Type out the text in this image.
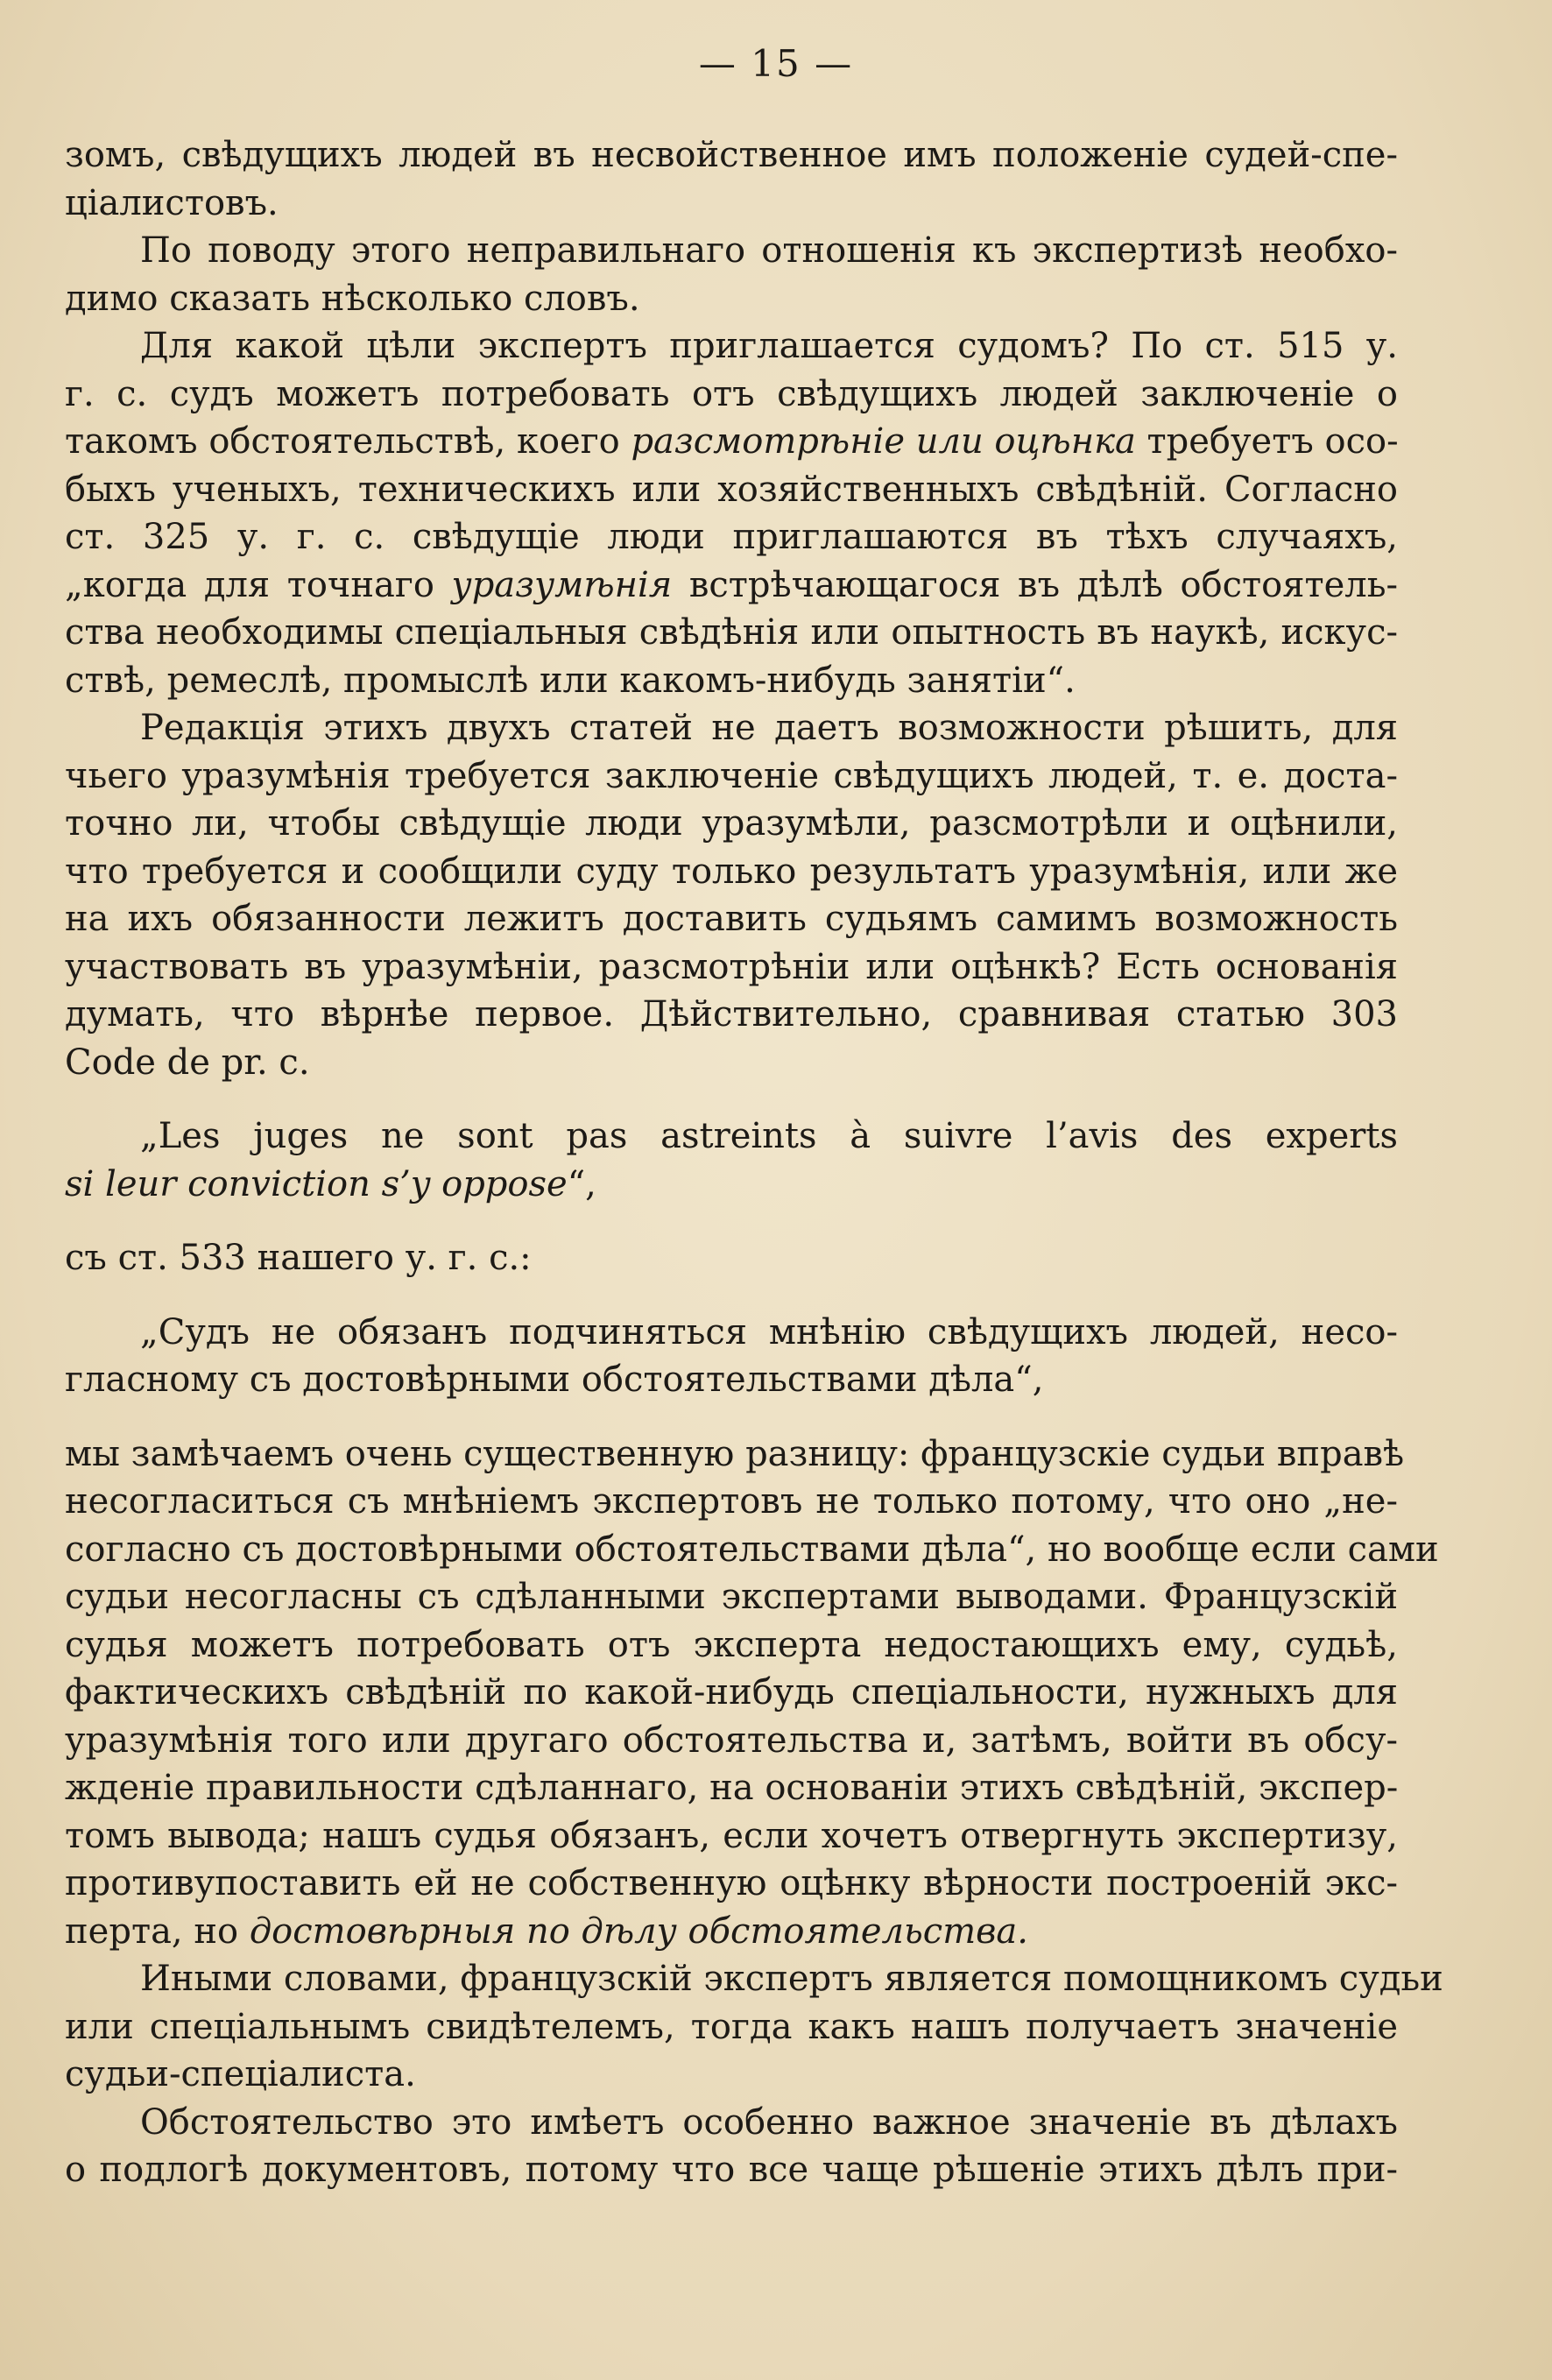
— 15 —
зомъ, свѣдущихъ людей въ несвойственное имъ положеніе судей-спе-
ціалистовъ.
По поводу этого неправильнаго отношенія къ экспертизѣ необхо-
димо сказать нѣсколько словъ.
Для какой цѣли экспертъ приглашается судомъ? По ст. 515 у.
г. с. судъ можетъ потребовать отъ свѣдущихъ людей заключеніе о
такомъ обстоятельствѣ, коего разсмотрѣніе или оцѣнка требуетъ осо-
быхъ ученыхъ, техническихъ или хозяйственныхъ свѣдѣній. Согласно
ст. 325 у. г. с. свѣдущіе люди приглашаются въ тѣхъ случаяхъ,
„когда для точнаго уразумѣнія встрѣчающагося въ дѣлѣ обстоятель-
ства необходимы спеціальныя свѣдѣнія или опытность въ наукѣ, искус-
ствѣ, ремеслѣ, промыслѣ или какомъ-нибудь занятіи“.
Редакція этихъ двухъ статей не даетъ возможности рѣшить, для
чьего уразумѣнія требуется заключеніе свѣдущихъ людей, т. е. доста-
точно ли, чтобы свѣдущіе люди уразумѣли, разсмотрѣли и оцѣнили,
что требуется и сообщили суду только результатъ уразумѣнія, или же
на ихъ обязанности лежитъ доставить судьямъ самимъ возможность
участвовать въ уразумѣніи, разсмотрѣніи или оцѣнкѣ? Есть основанія
думать, что вѣрнѣе первое. Дѣйствительно, сравнивая статью 303
Code de pr. c.
„Les juges ne sont pas astreints à suivre l’avis des experts
si leur conviction s’y oppose“,
съ ст. 533 нашего у. г. с.:
„Судъ не обязанъ подчиняться мнѣнію свѣдущихъ людей, несо-
гласному съ достовѣрными обстоятельствами дѣла“,
мы замѣчаемъ очень существенную разницу: французскіе судьи вправѣ
несогласиться съ мнѣніемъ экспертовъ не только потому, что оно „не-
согласно съ достовѣрными обстоятельствами дѣла“, но вообще если сами
судьи несогласны съ сдѣланными экспертами выводами. Французскій
судья можетъ потребовать отъ эксперта недостающихъ ему, судьѣ,
фактическихъ свѣдѣній по какой-нибудь спеціальности, нужныхъ для
уразумѣнія того или другаго обстоятельства и, затѣмъ, войти въ обсу-
жденіе правильности сдѣланнаго, на основаніи этихъ свѣдѣній, экспер-
томъ вывода; нашъ судья обязанъ, если хочетъ отвергнуть экспертизу,
противупоставить ей не собственную оцѣнку вѣрности построеній экс-
перта, но достовѣрныя по дѣлу обстоятельства.
Иными словами, французскій экспертъ является помощникомъ судьи
или спеціальнымъ свидѣтелемъ, тогда какъ нашъ получаетъ значеніе
судьи-спеціалиста.
Обстоятельство это имѣетъ особенно важное значеніе въ дѣлахъ
о подлогѣ документовъ, потому что все чаще рѣшеніе этихъ дѣлъ при-
